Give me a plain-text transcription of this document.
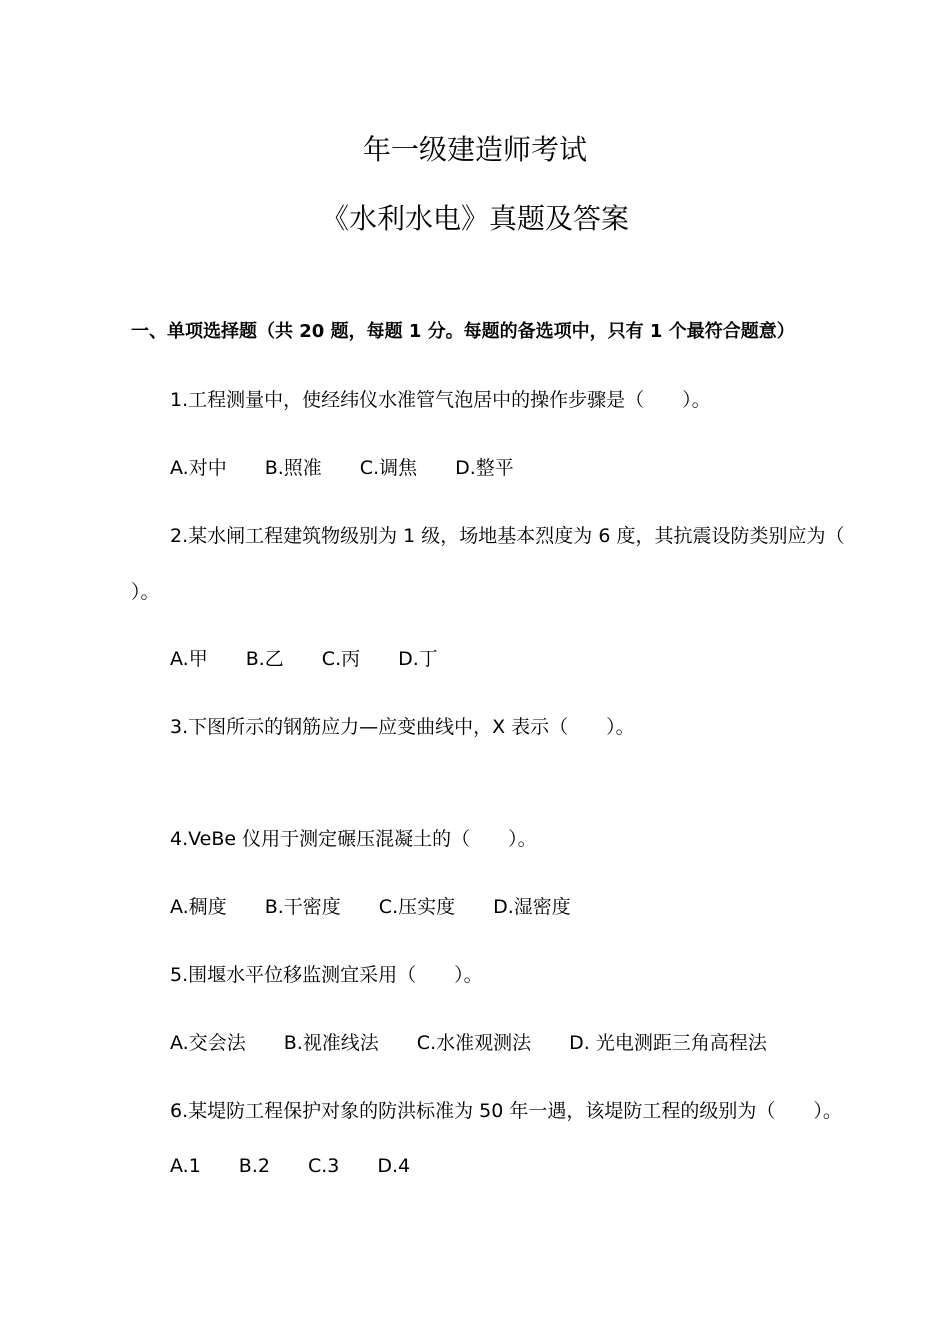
年一级建造师考试
《水利水电》真题及答案
一、单项选择题（共 20 题，每题 1 分。每题的备选项中，只有 1 个最符合题意）
1.工程测量中，使经纬仪水准管气泡居中的操作步骤是（　　）。
A.对中 B.照准 C.调焦 D.整平
2.某水闸工程建筑物级别为 1 级，场地基本烈度为 6 度，其抗震设防类别应为（
）。
A.甲 B.乙 C.丙 D.丁
3.下图所示的钢筋应力—应变曲线中，X 表示（　　）。
4.VeBe 仪用于测定碾压混凝土的（　　）。
A.稠度 B.干密度 C.压实度 D.湿密度
5.围堰水平位移监测宜采用（　　）。
A.交会法 B.视准线法 C.水准观测法 D. 光电测距三角高程法
6.某堤防工程保护对象的防洪标准为 50 年一遇，该堤防工程的级别为（　　）。
A.1 B.2 C.3 D.4
